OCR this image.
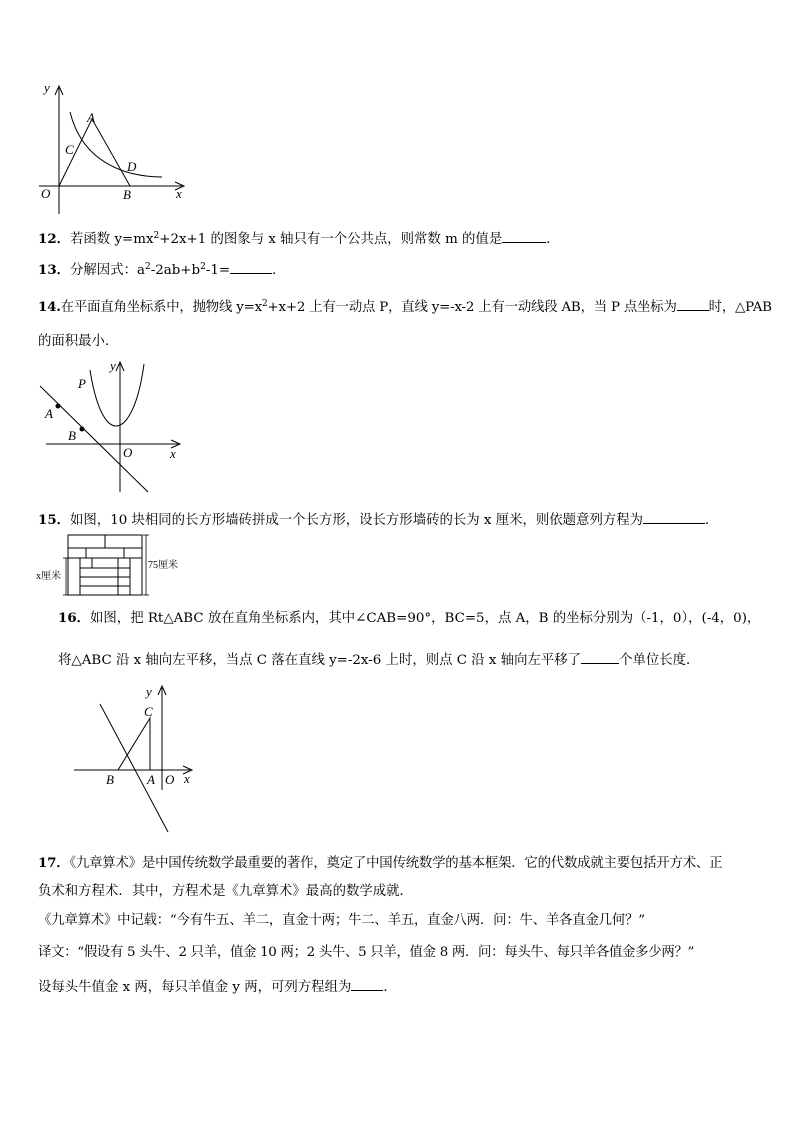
y
x
A
C
D
O	B
12．若函数 $y=mx^2+2x+1$ 的图象与 x 轴只有一个公共点，则常数 m 的值是	．
13．分解因式：$a^2-2ab+b^2-1=$	．
14.在平面直角坐标系中，抛物线 $y=x^2+x+2$ 上有一动点 P，直线 y=-x-2 上有一动线段 AB，当 P 点坐标为 时，△PAB
的面积最小．
y
x
P
A
B
O
15．如图，10 块相同的长方形墙砖拼成一个长方形，设长方形墙砖的长为 x 厘米，则依题意列方程为	．
x厘米
75厘米
16．如图，把 Rt△ABC 放在直角坐标系内，其中∠CAB=90°，BC=5，点 A，B 的坐标分别为（-1，0），(-4，0)，
将△ABC 沿 x 轴向左平移，当点 C 落在直线 y=-2x-6 上时，则点 C 沿 x 轴向左平移了	个单位长度．
y
x
C
B	A O
17．《九章算术》是中国传统数学最重要的著作，奠定了中国传统数学的基本框架．它的代数成就主要包括开方术、正
负术和方程术．其中，方程术是《九章算术》最高的数学成就．
《九章算术》中记载：“今有牛五、羊二，直金十两；牛二、羊五，直金八两．问：牛、羊各直金几何？”
译文：“假设有 5 头牛、2 只羊，值金 10 两；2 头牛、5 只羊，值金 8 两．问：每头牛、每只羊各值金多少两？”
设每头牛值金 x 两，每只羊值金 y 两，可列方程组为 ．
